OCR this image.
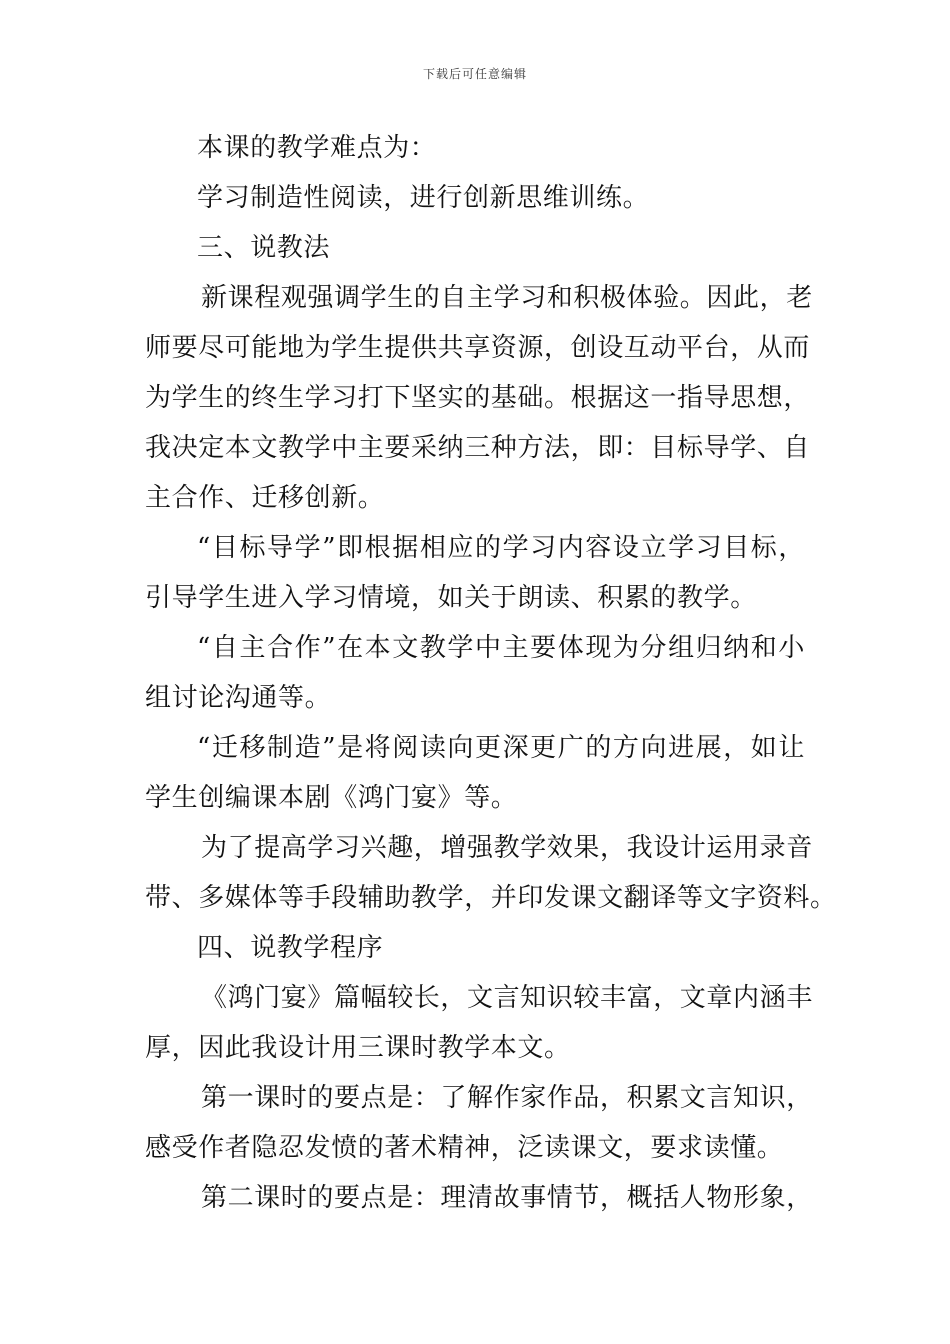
下载后可任意编辑
本课的教学难点为：
学习制造性阅读，进行创新思维训练。
三、说教法
新课程观强调学生的自主学习和积极体验。因此，老
师要尽可能地为学生提供共享资源，创设互动平台，从而
为学生的终生学习打下坚实的基础。根据这一指导思想，
我决定本文教学中主要采纳三种方法，即：目标导学、自
主合作、迁移创新。
“目标导学”即根据相应的学习内容设立学习目标，
引导学生进入学习情境，如关于朗读、积累的教学。
“自主合作”在本文教学中主要体现为分组归纳和小
组讨论沟通等。
“迁移制造”是将阅读向更深更广的方向进展，如让
学生创编课本剧《鸿门宴》等。
为了提高学习兴趣，增强教学效果，我设计运用录音
带、多媒体等手段辅助教学，并印发课文翻译等文字资料。
四、说教学程序
《鸿门宴》篇幅较长，文言知识较丰富，文章内涵丰
厚，因此我设计用三课时教学本文。
第一课时的要点是：了解作家作品，积累文言知识，
感受作者隐忍发愤的著术精神，泛读课文，要求读懂。
第二课时的要点是：理清故事情节，概括人物形象，
